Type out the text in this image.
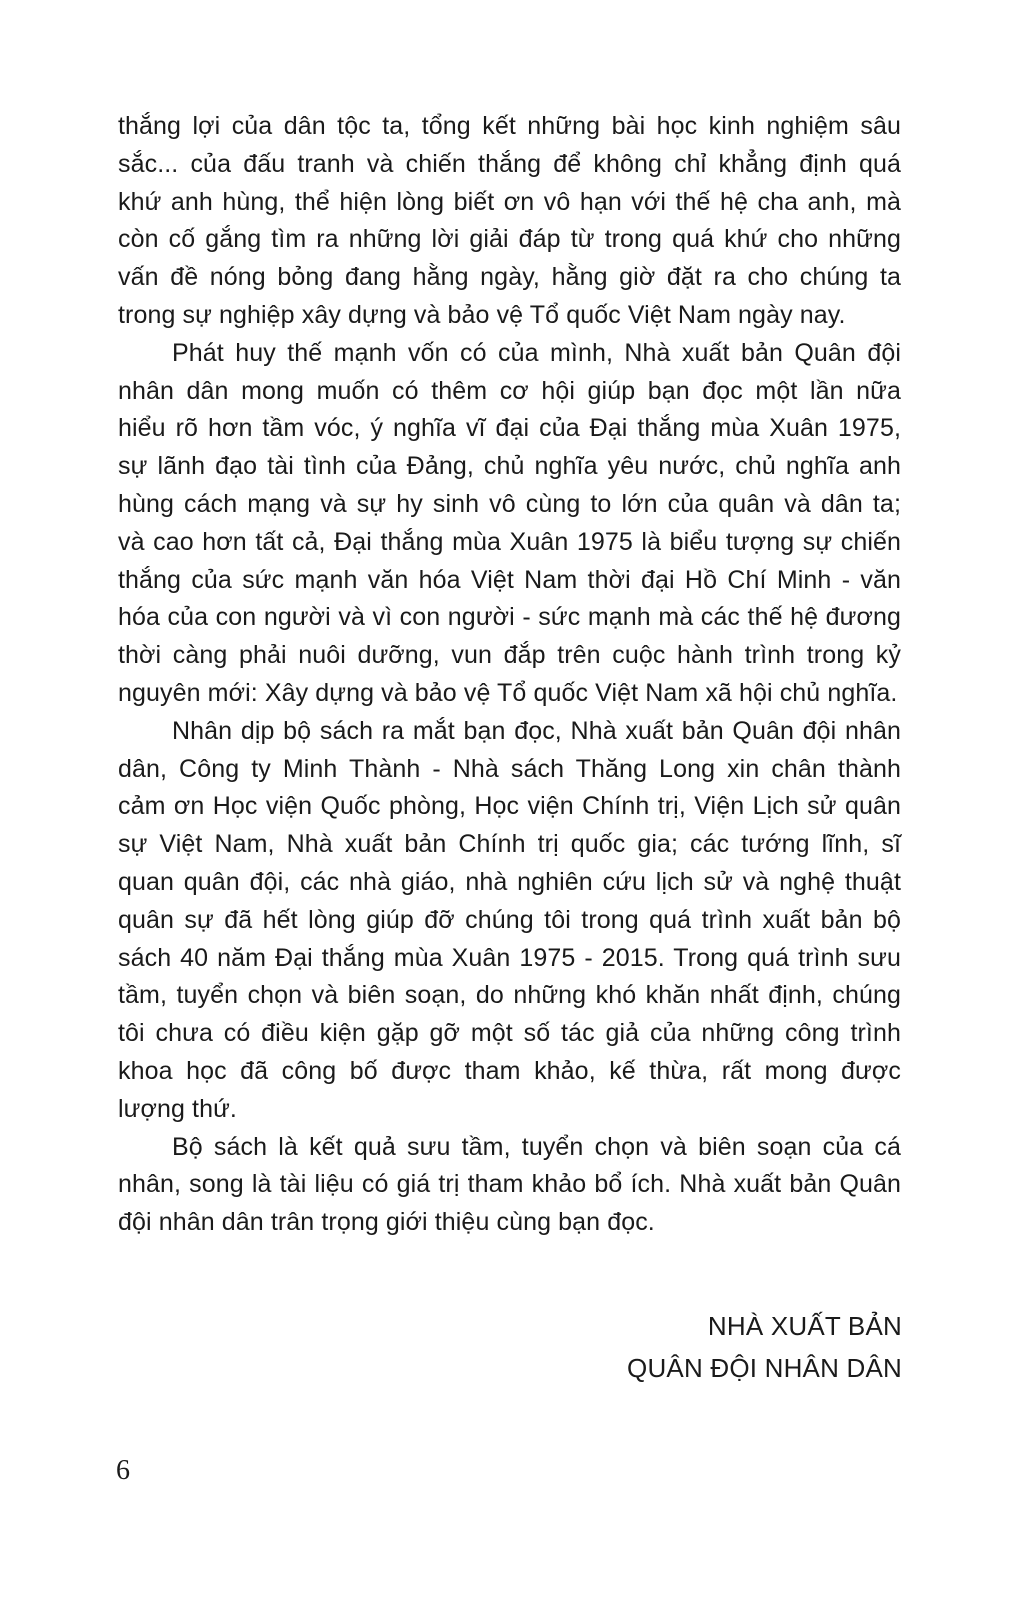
thắng lợi của dân tộc ta, tổng kết những bài học kinh nghiệm sâu
sắc... của đấu tranh và chiến thắng để không chỉ khẳng định quá
khứ anh hùng, thể hiện lòng biết ơn vô hạn với thế hệ cha anh, mà
còn cố gắng tìm ra những lời giải đáp từ trong quá khứ cho những
vấn đề nóng bỏng đang hằng ngày, hằng giờ đặt ra cho chúng ta
trong sự nghiệp xây dựng và bảo vệ Tổ quốc Việt Nam ngày nay.
Phát huy thế mạnh vốn có của mình, Nhà xuất bản Quân đội
nhân dân mong muốn có thêm cơ hội giúp bạn đọc một lần nữa
hiểu rõ hơn tầm vóc, ý nghĩa vĩ đại của Đại thắng mùa Xuân 1975,
sự lãnh đạo tài tình của Đảng, chủ nghĩa yêu nước, chủ nghĩa anh
hùng cách mạng và sự hy sinh vô cùng to lớn của quân và dân ta;
và cao hơn tất cả, Đại thắng mùa Xuân 1975 là biểu tượng sự chiến
thắng của sức mạnh văn hóa Việt Nam thời đại Hồ Chí Minh - văn
hóa của con người và vì con người - sức mạnh mà các thế hệ đương
thời càng phải nuôi dưỡng, vun đắp trên cuộc hành trình trong kỷ
nguyên mới: Xây dựng và bảo vệ Tổ quốc Việt Nam xã hội chủ nghĩa.
Nhân dịp bộ sách ra mắt bạn đọc, Nhà xuất bản Quân đội nhân
dân, Công ty Minh Thành - Nhà sách Thăng Long xin chân thành
cảm ơn Học viện Quốc phòng, Học viện Chính trị, Viện Lịch sử quân
sự Việt Nam, Nhà xuất bản Chính trị quốc gia; các tướng lĩnh, sĩ
quan quân đội, các nhà giáo, nhà nghiên cứu lịch sử và nghệ thuật
quân sự đã hết lòng giúp đỡ chúng tôi trong quá trình xuất bản bộ
sách 40 năm Đại thắng mùa Xuân 1975 - 2015. Trong quá trình sưu
tầm, tuyển chọn và biên soạn, do những khó khăn nhất định, chúng
tôi chưa có điều kiện gặp gỡ một số tác giả của những công trình
khoa học đã công bố được tham khảo, kế thừa, rất mong được
lượng thứ.
Bộ sách là kết quả sưu tầm, tuyển chọn và biên soạn của cá
nhân, song là tài liệu có giá trị tham khảo bổ ích. Nhà xuất bản Quân
đội nhân dân trân trọng giới thiệu cùng bạn đọc.
NHÀ XUẤT BẢN
QUÂN ĐỘI NHÂN DÂN
6
